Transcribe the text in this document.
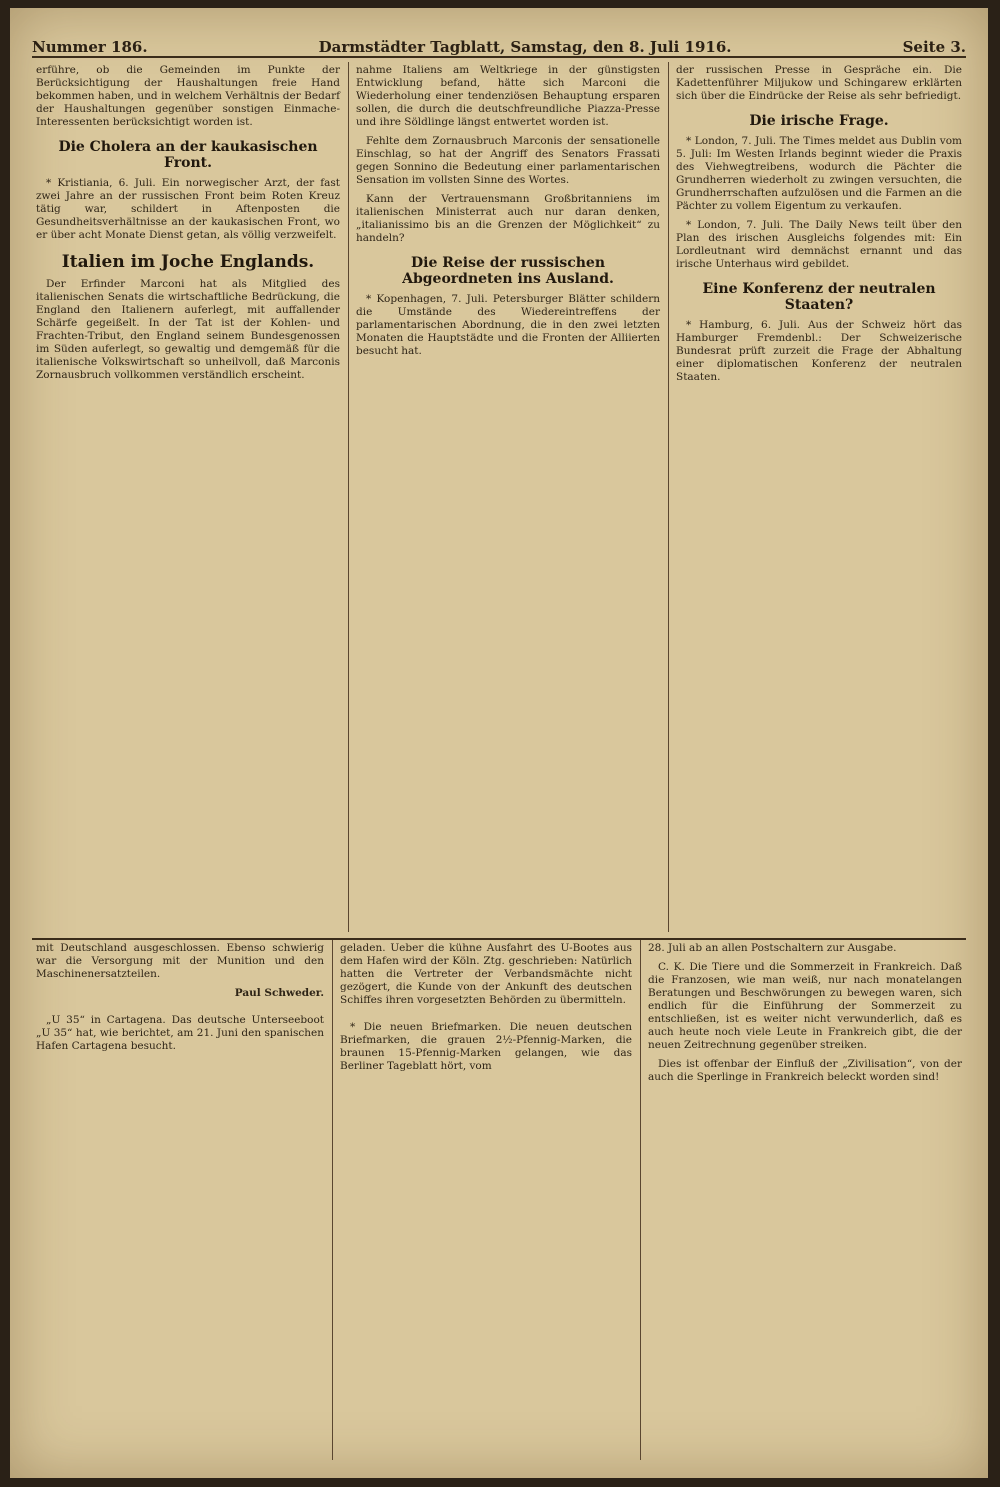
Nummer 186.	Darmstädter Tagblatt, Samstag, den 8. Juli 1916.	Seite 3.

erführe, ob die Gemeinden im Punkte der Berücksichtigung der Haushaltungen freie Hand bekommen haben, und in welchem Verhältnis der Bedarf der Haushaltungen gegenüber sonstigen Einmache-Interessenten berücksichtigt worden ist.

Die Cholera an der kaukasischen Front.

* Kristiania, 6. Juli. Ein norwegischer Arzt, der fast zwei Jahre an der russischen Front beim Roten Kreuz tätig war, schildert in Aftenposten die Gesundheitsverhältnisse an der kaukasischen Front, wo er über acht Monate Dienst getan, als völlig verzweifelt.

Italien im Joche Englands.

Der Erfinder Marconi hat als Mitglied des italienischen Senats die wirtschaftliche Bedrückung, die England den Italienern auferlegt, mit auffallender Schärfe gegeißelt. In der Tat ist der Kohlen- und Frachten-Tribut, den England seinem Bundesgenossen im Süden auferlegt, so gewaltig und demgemäß für die italienische Volkswirtschaft so unheilvoll, daß Marconis Zornausbruch vollkommen verständlich erscheint.

nahme Italiens am Weltkriege in der günstigsten Entwicklung befand, hätte sich Marconi die Wiederholung einer tendenziösen Behauptung ersparen sollen, die durch die deutschfreundliche Piazza-Presse und ihre Söldlinge längst entwertet worden ist.

Fehlte dem Zornausbruch Marconis der sensationelle Einschlag, so hat der Angriff des Senators Frassati gegen Sonnino die Bedeutung einer parlamentarischen Sensation im vollsten Sinne des Wortes.

Kann der Vertrauensmann Großbritanniens im italienischen Ministerrat auch nur daran denken, „italianissimo bis an die Grenzen der Möglichkeit“ zu handeln?

Die Reise der russischen Abgeordneten ins Ausland.

* Kopenhagen, 7. Juli. Petersburger Blätter schildern die Umstände des Wiedereintreffens der parlamentarischen Abordnung, die in den zwei letzten Monaten die Hauptstädte und die Fronten der Alliierten besucht hat.

der russischen Presse in Gespräche ein. Die Kadettenführer Miljukow und Schingarew erklärten sich über die Eindrücke der Reise als sehr befriedigt.

Die irische Frage.

* London, 7. Juli. The Times meldet aus Dublin vom 5. Juli: Im Westen Irlands beginnt wieder die Praxis des Viehwegtreibens, wodurch die Pächter die Grundherren wiederholt zu zwingen versuchten, die Grundherrschaften aufzulösen und die Farmen an die Pächter zu vollem Eigentum zu verkaufen.

* London, 7. Juli. The Daily News teilt über den Plan des irischen Ausgleichs folgendes mit: Ein Lordleutnant wird demnächst ernannt und das irische Unterhaus wird gebildet.

Eine Konferenz der neutralen Staaten?

* Hamburg, 6. Juli. Aus der Schweiz hört das Hamburger Fremdenbl.: Der Schweizerische Bundesrat prüft zurzeit die Frage der Abhaltung einer diplomatischen Konferenz der neutralen Staaten.

mit Deutschland ausgeschlossen. Ebenso schwierig war die Versorgung mit der Munition und den Maschinenersatzteilen.

Paul Schweder.

„U 35“ in Cartagena. Das deutsche Unterseeboot „U 35“ hat, wie berichtet, am 21. Juni den spanischen Hafen Cartagena besucht.

geladen. Ueber die kühne Ausfahrt des U-Bootes aus dem Hafen wird der Köln. Ztg. geschrieben: Natürlich hatten die Vertreter der Verbandsmächte nicht gezögert, die Kunde von der Ankunft des deutschen Schiffes ihren vorgesetzten Behörden zu übermitteln.

* Die neuen Briefmarken. Die neuen deutschen Briefmarken, die grauen 2½-Pfennig-Marken, die braunen 15-Pfennig-Marken gelangen, wie das Berliner Tageblatt hört, vom

28. Juli ab an allen Postschaltern zur Ausgabe.

C. K. Die Tiere und die Sommerzeit in Frankreich. Daß die Franzosen, wie man weiß, nur nach monatelangen Beratungen und Beschwörungen zu bewegen waren, sich endlich für die Einführung der Sommerzeit zu entschließen, ist es weiter nicht verwunderlich, daß es auch heute noch viele Leute in Frankreich gibt, die der neuen Zeitrechnung gegenüber streiken.

Dies ist offenbar der Einfluß der „Zivilisation“, von der auch die Sperlinge in Frankreich beleckt worden sind!
